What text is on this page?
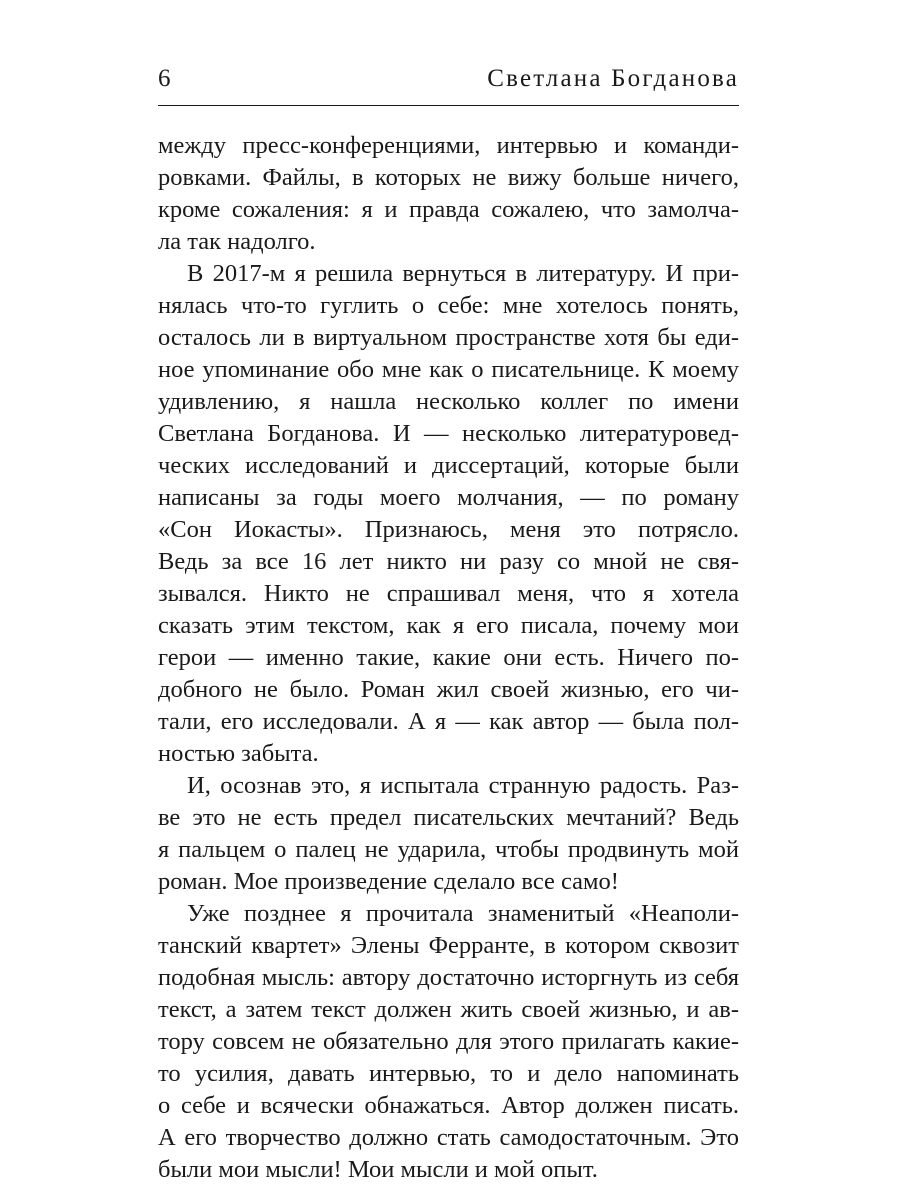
6	Светлана Богданова
между пресс-конференциями, интервью и команди-
ровками. Файлы, в которых не вижу больше ничего,
кроме сожаления: я и правда сожалею, что замолча-
ла так надолго.
В 2017-м я решила вернуться в литературу. И при-
нялась что-то гуглить о себе: мне хотелось понять,
осталось ли в виртуальном пространстве хотя бы еди-
ное упоминание обо мне как о писательнице. К моему
удивлению, я нашла несколько коллег по имени
Светлана Богданова. И — несколько литературовед-
ческих исследований и диссертаций, которые были
написаны за годы моего молчания, — по роману
«Сон Иокасты». Признаюсь, меня это потрясло.
Ведь за все 16 лет никто ни разу со мной не свя-
зывался. Никто не спрашивал меня, что я хотела
сказать этим текстом, как я его писала, почему мои
герои — именно такие, какие они есть. Ничего по-
добного не было. Роман жил своей жизнью, его чи-
тали, его исследовали. А я — как автор — была пол-
ностью забыта.
И, осознав это, я испытала странную радость. Раз-
ве это не есть предел писательских мечтаний? Ведь
я пальцем о палец не ударила, чтобы продвинуть мой
роман. Мое произведение сделало все само!
Уже позднее я прочитала знаменитый «Неаполи-
танский квартет» Элены Ферранте, в котором сквозит
подобная мысль: автору достаточно исторгнуть из себя
текст, а затем текст должен жить своей жизнью, и ав-
тору совсем не обязательно для этого прилагать какие-
то усилия, давать интервью, то и дело напоминать
о себе и всячески обнажаться. Автор должен писать.
А его творчество должно стать самодостаточным. Это
были мои мысли! Мои мысли и мой опыт.
